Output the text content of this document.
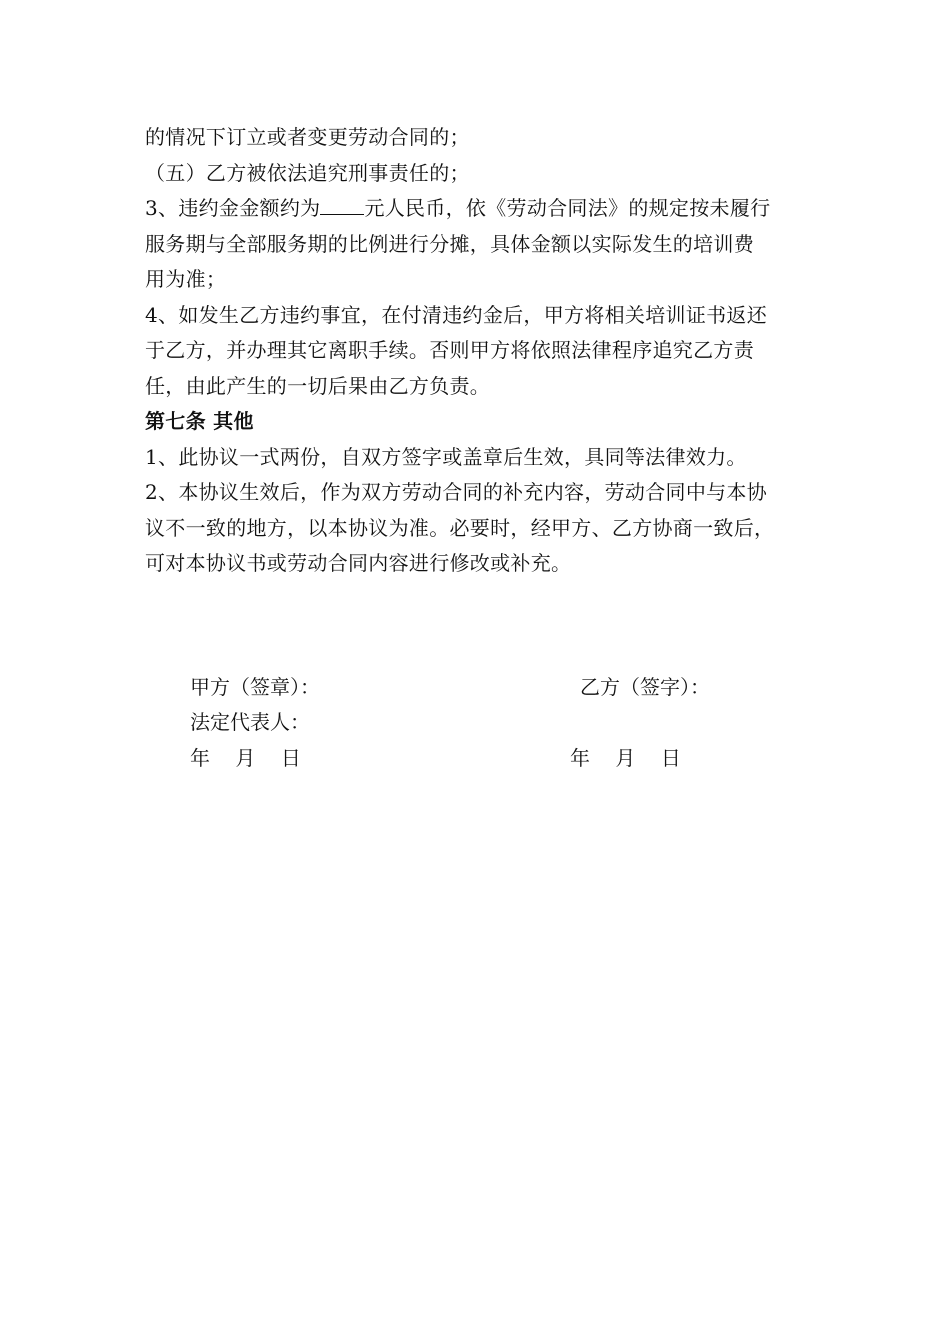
的情况下订立或者变更劳动合同的；
（五）乙方被依法追究刑事责任的；
3、违约金金额约为 元人民币，依《劳动合同法》的规定按未履行
服务期与全部服务期的比例进行分摊，具体金额以实际发生的培训费
用为准；
4、如发生乙方违约事宜，在付清违约金后，甲方将相关培训证书返还
于乙方，并办理其它离职手续。否则甲方将依照法律程序追究乙方责
任，由此产生的一切后果由乙方负责。
第七条 其他
1、此协议一式两份，自双方签字或盖章后生效，具同等法律效力。
2、本协议生效后，作为双方劳动合同的补充内容，劳动合同中与本协
议不一致的地方，以本协议为准。必要时，经甲方、乙方协商一致后，
可对本协议书或劳动合同内容进行修改或补充。
甲方（签章）：	乙方（签字）：
法定代表人：
年    月    日	年    月    日
